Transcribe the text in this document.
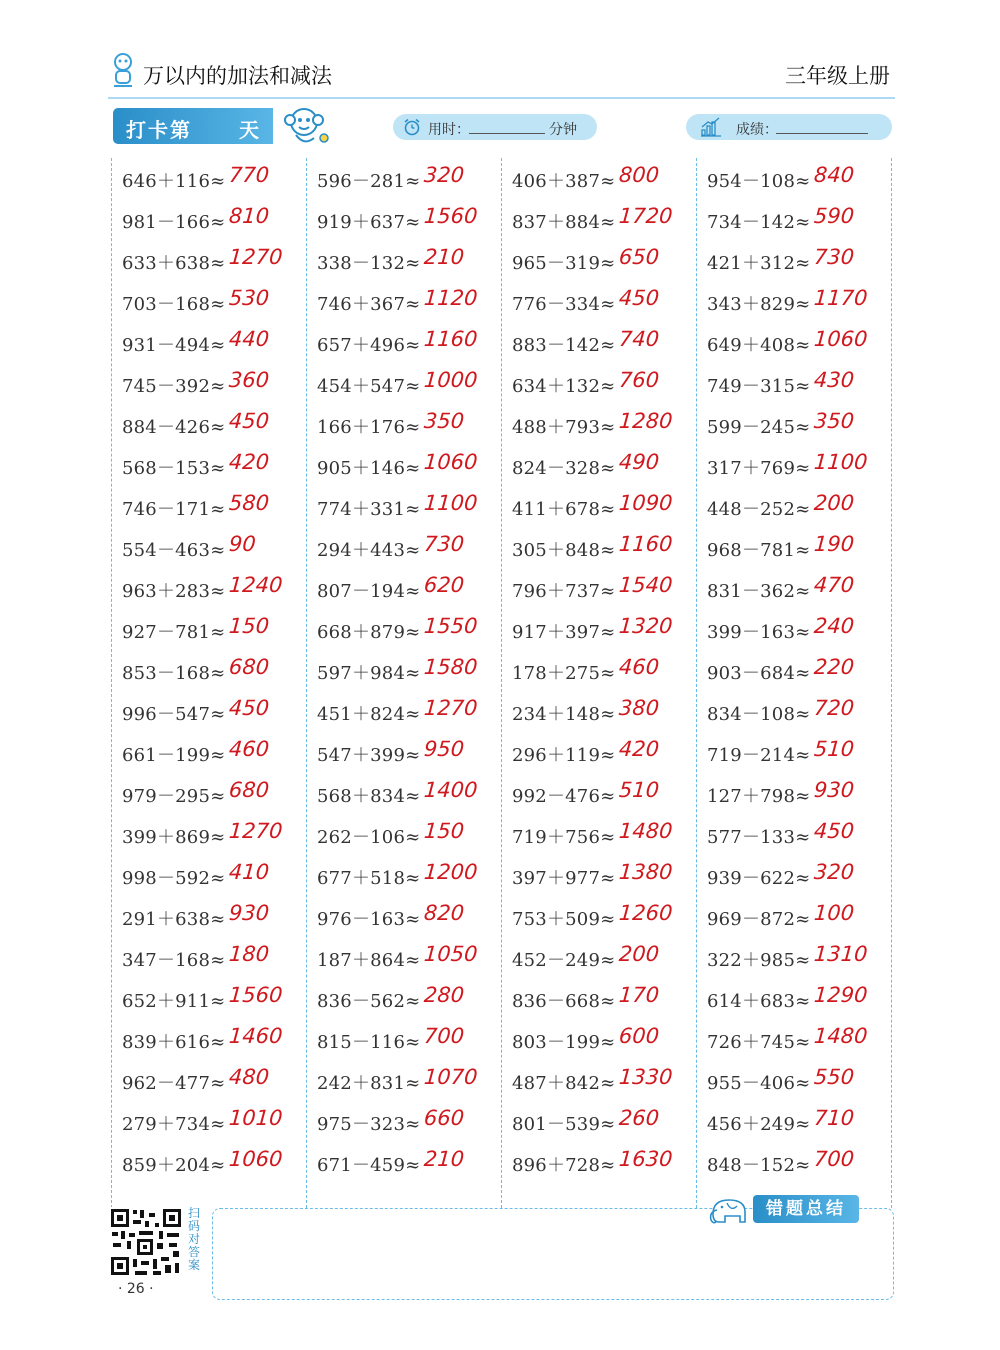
万以内的加法和减法	三年级上册
打卡第 天	用时：	分钟	成绩：
646＋116≈ 770
981－166≈ 810
633＋638≈ 1270
703－168≈ 530
931－494≈ 440
745－392≈ 360
884－426≈ 450
568－153≈ 420
746－171≈ 580
554－463≈ 90
963＋283≈ 1240
927－781≈ 150
853－168≈ 680
996－547≈ 450
661－199≈ 460
979－295≈ 680
399＋869≈ 1270
998－592≈ 410
291＋638≈ 930
347－168≈ 180
652＋911≈ 1560
839＋616≈ 1460
962－477≈ 480
279＋734≈ 1010
859＋204≈ 1060
596－281≈ 320
919＋637≈ 1560
338－132≈ 210
746＋367≈ 1120
657＋496≈ 1160
454＋547≈ 1000
166＋176≈ 350
905＋146≈ 1060
774＋331≈ 1100
294＋443≈ 730
807－194≈ 620
668＋879≈ 1550
597＋984≈ 1580
451＋824≈ 1270
547＋399≈ 950
568＋834≈ 1400
262－106≈ 150
677＋518≈ 1200
976－163≈ 820
187＋864≈ 1050
836－562≈ 280
815－116≈ 700
242＋831≈ 1070
975－323≈ 660
671－459≈ 210
406＋387≈ 800
837＋884≈ 1720
965－319≈ 650
776－334≈ 450
883－142≈ 740
634＋132≈ 760
488＋793≈ 1280
824－328≈ 490
411＋678≈ 1090
305＋848≈ 1160
796＋737≈ 1540
917＋397≈ 1320
178＋275≈ 460
234＋148≈ 380
296＋119≈ 420
992－476≈ 510
719＋756≈ 1480
397＋977≈ 1380
753＋509≈ 1260
452－249≈ 200
836－668≈ 170
803－199≈ 600
487＋842≈ 1330
801－539≈ 260
896＋728≈ 1630
954－108≈ 840
734－142≈ 590
421＋312≈ 730
343＋829≈ 1170
649＋408≈ 1060
749－315≈ 430
599－245≈ 350
317＋769≈ 1100
448－252≈ 200
968－781≈ 190
831－362≈ 470
399－163≈ 240
903－684≈ 220
834－108≈ 720
719－214≈ 510
127＋798≈ 930
577－133≈ 450
939－622≈ 320
969－872≈ 100
322＋985≈ 1310
614＋683≈ 1290
726＋745≈ 1480
955－406≈ 550
456＋249≈ 710
848－152≈ 700
错题总结
扫码对答案
· 26 ·
